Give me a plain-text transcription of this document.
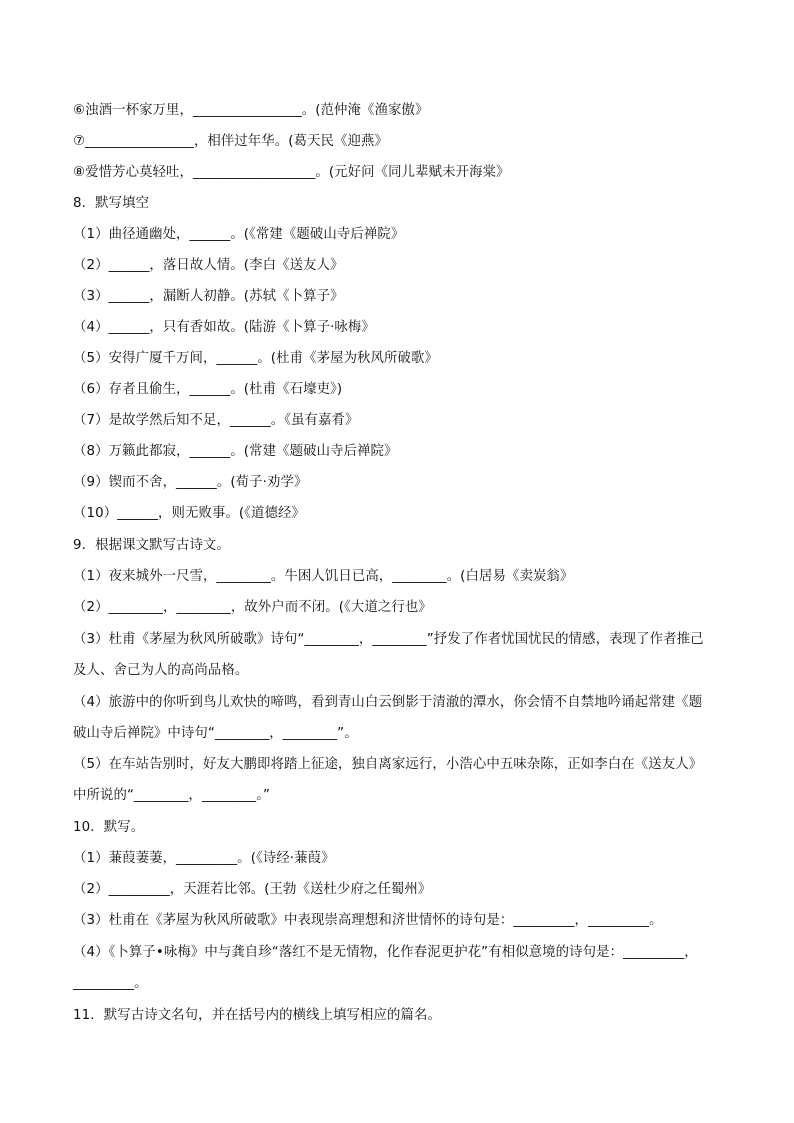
⑥浊酒一杯家万里，________________。(范仲淹《渔家傲》
⑦________________，相伴过年华。(葛天民《迎燕》
⑧爱惜芳心莫轻吐，__________________。(元好问《同儿辈赋未开海棠》
8．默写填空
（1）曲径通幽处，______。(《常建《题破山寺后禅院》
（2）______，落日故人情。(李白《送友人》
（3）______，漏断人初静。(苏轼《卜算子》
（4）______，只有香如故。(陆游《卜算子·咏梅》
（5）安得广厦千万间，______。(杜甫《茅屋为秋风所破歌》
（6）存者且偷生，______。(杜甫《石壕吏》)
（7）是故学然后知不足，______。《虽有嘉肴》
（8）万籁此都寂，______。(常建《题破山寺后禅院》
（9）锲而不舍，______。(荀子·劝学》
（10）______，则无败事。(《道德经》
9．根据课文默写古诗文。
（1）夜来城外一尺雪，________。牛困人饥日已高，________。(白居易《卖炭翁》
（2）________，________，故外户而不闭。(《大道之行也》
（3）杜甫《茅屋为秋风所破歌》诗句“________，________”抒发了作者忧国忧民的情感，表现了作者推己
及人、舍己为人的高尚品格。
（4）旅游中的你听到鸟儿欢快的啼鸣，看到青山白云倒影于清澈的潭水，你会情不自禁地吟诵起常建《题
破山寺后禅院》中诗句“________，________”。
（5）在车站告别时，好友大鹏即将踏上征途，独自离家远行，小浩心中五味杂陈，正如李白在《送友人》
中所说的“________，________。”
10．默写。
（1）蒹葭萋萋，_________。(《诗经·蒹葭》
（2）_________，天涯若比邻。(王勃《送杜少府之任蜀州》
（3）杜甫在《茅屋为秋风所破歌》中表现崇高理想和济世情怀的诗句是：_________，_________。
（4）《卜算子•咏梅》中与龚自珍“落红不是无情物，化作春泥更护花”有相似意境的诗句是：_________，
_________。
11．默写古诗文名句，并在括号内的横线上填写相应的篇名。
